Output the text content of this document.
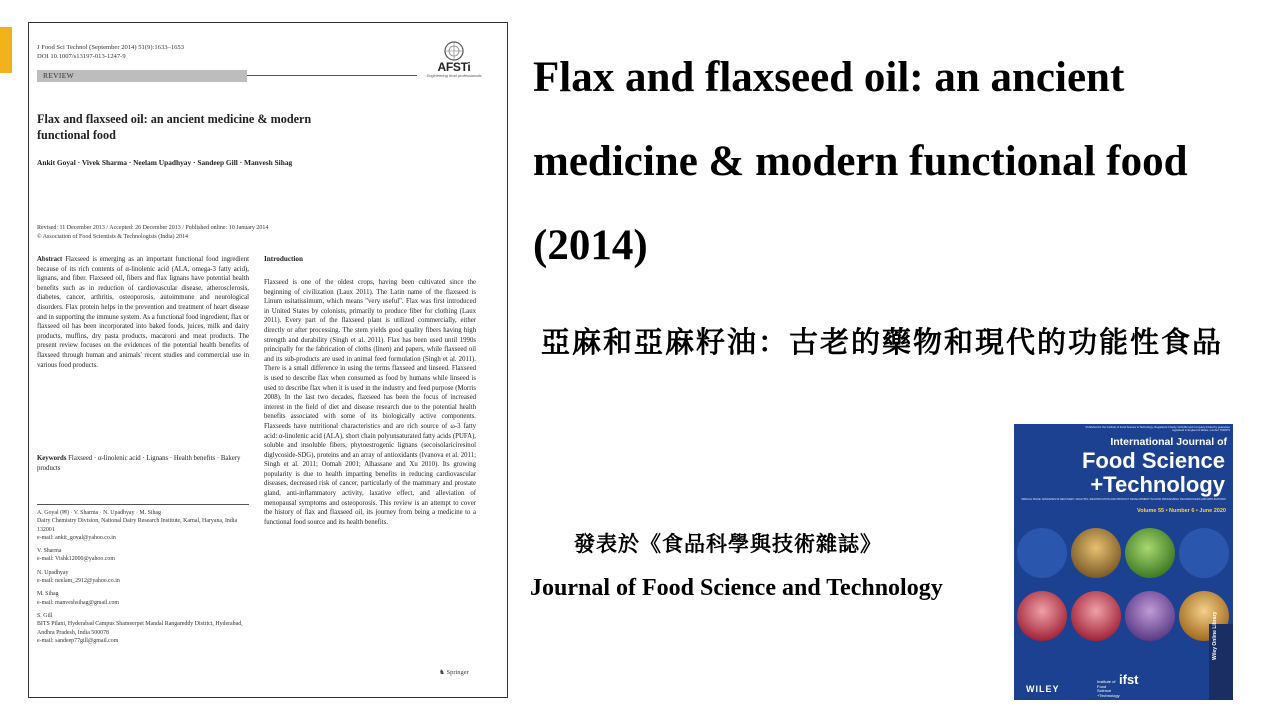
J Food Sci Technol (September 2014) 51(9):1633–1653
DOI 10.1007/s13197-013-1247-9
REVIEW
AFSTi
Engineering food professionals
Flax and flaxseed oil: an ancient medicine & modern functional food
Ankit Goyal · Vivek Sharma · Neelam Upadhyay · Sandeep Gill · Manvesh Sihag
Revised: 11 December 2013 / Accepted: 26 December 2013 / Published online: 10 January 2014
© Association of Food Scientists & Technologists (India) 2014
Abstract Flaxseed is emerging as an important functional food ingredient because of its rich contents of α-linolenic acid (ALA, omega-3 fatty acid), lignans, and fiber. Flaxseed oil, fibers and flax lignans have potential health benefits such as in reduction of cardiovascular disease, atherosclerosis, diabetes, cancer, arthritis, osteoporosis, autoimmune and neurological disorders. Flax protein helps in the prevention and treatment of heart disease and in supporting the immune system. As a functional food ingredient, flax or flaxseed oil has been incorporated into baked foods, juices, milk and dairy products, muffins, dry pasta products, macaroni and meat products. The present review focuses on the evidences of the potential health benefits of flaxseed through human and animals' recent studies and commercial use in various food products.
Keywords Flaxseed · α-linolenic acid · Lignans · Health benefits · Bakery products
A. Goyal (✉) · V. Sharma · N. Upadhyay · M. Sihag
Dairy Chemistry Division, National Dairy Research Institute, Karnal, Haryana, India 132001
e-mail: ankit_goyal@yahoo.co.in
V. Sharma
e-mail: Vishk12000@yahoo.com
N. Upadhyay
e-mail: neelam_2912@yahoo.co.in
M. Sihag
e-mail: manveshsihag@gmail.com
S. Gill
BITS Pilani, Hyderabad Campus Shameerpet Mandal Rangareddy District, Hyderabad, Andhra Pradesh, India 500078
e-mail: sandeep77gill@gmail.com
Introduction
Flaxseed is one of the oldest crops, having been cultivated since the beginning of civilization (Laux 2011). The Latin name of the flaxseed is Linum usitatissimum, which means "very useful". Flax was first introduced in United States by colonists, primarily to produce fiber for clothing (Laux 2011). Every part of the flaxseed plant is utilized commercially, either directly or after processing. The stem yields good quality fibers having high strength and durability (Singh et al. 2011). Flax has been used until 1990s principally for the fabrication of cloths (linen) and papers, while flaxseed oil and its sub-products are used in animal feed formulation (Singh et al. 2011). There is a small difference in using the terms flaxseed and linseed. Flaxseed is used to describe flax when consumed as food by humans while linseed is used to describe flax when it is used in the industry and feed purpose (Morris 2008). In the last two decades, flaxseed has been the focus of increased interest in the field of diet and disease research due to the potential health benefits associated with some of its biologically active components. Flaxseeds have nutritional characteristics and are rich source of ω-3 fatty acid: α-linolenic acid (ALA), short chain polyunsaturated fatty acids (PUFA), soluble and insoluble fibers, phytoestrogenic lignans (secoisolariciresinol diglycoside-SDG), proteins and an array of antioxidants (Ivanova et al. 2011; Singh et al. 2011; Oomah 2001; Alhassane and Xu 2010). Its growing popularity is due to health imparting benefits in reducing cardiovascular diseases, decreased risk of cancer, particularly of the mammary and prostate gland, anti-inflammatory activity, laxative effect, and alleviation of menopausal symptoms and osteoporosis. This review is an attempt to cover the history of flax and flaxseed oil, its journey from being a medicine to a functional food source and its health benefits.
♞ Springer
Flax and flaxseed oil: an ancient medicine & modern functional food (2014)
亞麻和亞麻籽油：古老的藥物和現代的功能性食品
發表於《食品科學與技術雜誌》
Journal of Food Science and Technology
Published for the Institute of Food Science & Technology. Registered Charity 1131462 and Company limited by guarantee registered in England & Wales, number 7039579
International Journal of
Food Science
+Technology
SPECIAL ISSUE: ADVANCES IN RECOVERY, ANALYSIS, IDENTIFICATION AND PRODUCT DEVELOPMENT IN FOOD PROCESSING TECHNOLOGIES AND APPLICATIONS
Volume 55 • Number 6 • June 2020
Wiley Online Library
WILEY
Institute of Food Science +Technology
ifst
